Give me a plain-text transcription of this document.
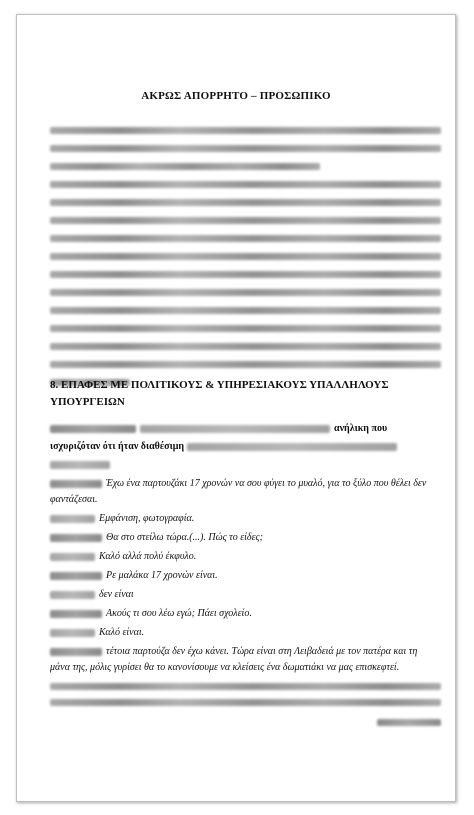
ΑΚΡΩΣ ΑΠΟΡΡΗΤΟ – ΠΡΟΣΩΠΙΚΟ
8. ΕΠΑΦΕΣ ΜΕ ΠΟΛΙΤΙΚΟΥΣ & ΥΠΗΡΕΣΙΑΚΟΥΣ ΥΠΑΛΛΗΛΟΥΣ ΥΠΟΥΡΓΕΙΩΝ
ανήλικη που
ισχυριζόταν ότι ήταν διαθέσιμη
Έχω ένα παρτουζάκι 17 χρονών να σου φύγει το μυαλό, για το ξύλο που θέλει δεν
φαντάζεσαι.
Εμφάνιση, φωτογραφία.
Θα στο στείλω τώρα.(...). Πώς το είδες;
Καλό αλλά πολύ έκφυλο.
Ρε μαλάκα 17 χρονών είναι.
δεν είναι
Ακούς τι σου λέω εγώ; Πάει σχολείο.
Καλό είναι.
τέτοια παρτούζα δεν έχω κάνει. Τώρα είναι στη Λειβαδειά με τον πατέρα και τη
μάνα της, μόλις γυρίσει θα το κανονίσουμε να κλείσεις ένα δωματιάκι να μας επισκεφτεί.
